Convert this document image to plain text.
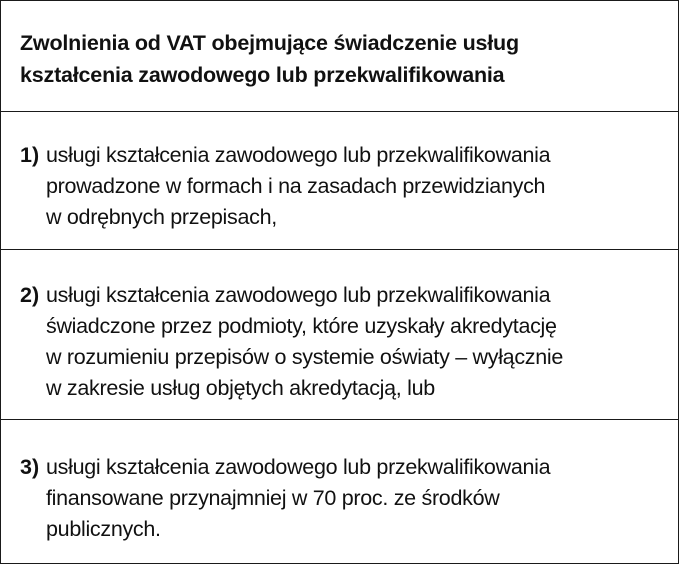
Zwolnienia od VAT obejmujące świadczenie usług
kształcenia zawodowego lub przekwalifikowania
1) usługi kształcenia zawodowego lub przekwalifikowania
prowadzone w formach i na zasadach przewidzianych
w odrębnych przepisach,
2) usługi kształcenia zawodowego lub przekwalifikowania
świadczone przez podmioty, które uzyskały akredytację
w rozumieniu przepisów o systemie oświaty – wyłącznie
w zakresie usług objętych akredytacją, lub
3) usługi kształcenia zawodowego lub przekwalifikowania
finansowane przynajmniej w 70 proc. ze środków
publicznych.
